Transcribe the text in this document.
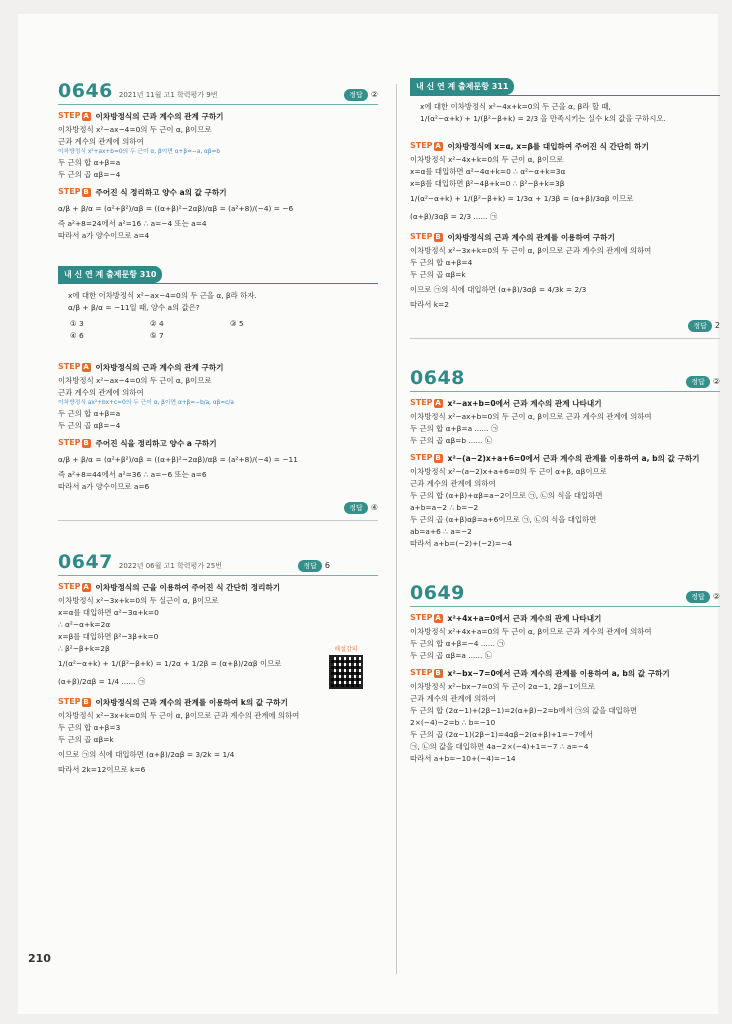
0646 2021년 11월 고1 학력평가 9번	정답 ②
STEP A 이차방정식의 근과 계수의 관계 구하기
이차방정식 x²−ax−4=0의 두 근이 α, β이므로
근과 계수의 관계에 의하여
이차방정식 x²+ax+b=0의 두 근이 α, β이면 α+β=−a, αβ=b
두 근의 합 α+β=a
두 근의 곱 αβ=−4
STEP B 주어진 식 정리하고 양수 a의 값 구하기
α/β + β/α = (α²+β²)/αβ = ((α+β)²−2αβ)/αβ = (a²+8)/(−4) = −6
즉 a²+8=24에서 a²=16 ∴ a=−4 또는 a=4
따라서 a가 양수이므로 a=4
내 신 연 계 출제문항 310
x에 대한 이차방정식 x²−ax−4=0의 두 근을 α, β라 하자.
α/β + β/α = −11일 때, 양수 a의 값은?
① 3	② 4	③ 5
④ 6	⑤ 7
STEP A 이차방정식의 근과 계수의 관계 구하기
이차방정식 x²−ax−4=0의 두 근이 α, β이므로
근과 계수의 관계에 의하여
이차방정식 ax²+bx+c=0의 두 근이 α, β이면 α+β=−b/a, αβ=c/a
두 근의 합 α+β=a
두 근의 곱 αβ=−4
STEP B 주어진 식을 정리하고 양수 a 구하기
α/β + β/α = (α²+β²)/αβ = ((α+β)²−2αβ)/αβ = (a²+8)/(−4) = −11
즉 a²+8=44에서 a²=36 ∴ a=−6 또는 a=6
따라서 a가 양수이므로 a=6
정답 ④
0647 2022년 06월 고1 학력평가 25번	정답 6
STEP A 이차방정식의 근을 이용하여 주어진 식 간단히 정리하기
이차방정식 x²−3x+k=0의 두 실근이 α, β이므로
x=α를 대입하면 α²−3α+k=0
∴ α²−α+k=2α
x=β를 대입하면 β²−3β+k=0
∴ β²−β+k=2β
1/(α²−α+k) + 1/(β²−β+k) = 1/2α + 1/2β = (α+β)/2αβ 이므로
(α+β)/2αβ = 1/4 ...... ㉠
STEP B 이차방정식의 근과 계수의 관계를 이용하여 k의 값 구하기
이차방정식 x²−3x+k=0의 두 근이 α, β이므로 근과 계수의 관계에 의하여
두 근의 합 α+β=3
두 근의 곱 αβ=k
이므로 ㉠의 식에 대입하면 (α+β)/2αβ = 3/2k = 1/4
따라서 2k=12이므로 k=6
해설강의
내 신 연 계 출제문항 311
x에 대한 이차방정식 x²−4x+k=0의 두 근을 α, β라 할 때,
1/(α²−α+k) + 1/(β²−β+k) = 2/3 을 만족시키는 실수 k의 값을 구하시오.
STEP A 이차방정식에 x=α, x=β를 대입하여 주어진 식 간단히 하기
이차방정식 x²−4x+k=0의 두 근이 α, β이므로
x=α를 대입하면 α²−4α+k=0 ∴ α²−α+k=3α
x=β를 대입하면 β²−4β+k=0 ∴ β²−β+k=3β
1/(α²−α+k) + 1/(β²−β+k) = 1/3α + 1/3β = (α+β)/3αβ 이므로
(α+β)/3αβ = 2/3 ...... ㉠
STEP B 이차방정식의 근과 계수의 관계를 이용하여 구하기
이차방정식 x²−3x+k=0의 두 근이 α, β이므로 근과 계수의 관계에 의하여
두 근의 합 α+β=4
두 근의 곱 αβ=k
이므로 ㉠의 식에 대입하면 (α+β)/3αβ = 4/3k = 2/3
따라서 k=2
정답 2
0648	정답 ②
STEP A x²−ax+b=0에서 근과 계수의 관계 나타내기
이차방정식 x²−ax+b=0의 두 근이 α, β이므로 근과 계수의 관계에 의하여
두 근의 합 α+β=a ...... ㉠
두 근의 곱 αβ=b ...... ㉡
STEP B x²−(a−2)x+a+6=0에서 근과 계수의 관계를 이용하여 a, b의 값 구하기
이차방정식 x²−(a−2)x+a+6=0의 두 근이 α+β, αβ이므로
근과 계수의 관계에 의하여
두 근의 합 (α+β)+αβ=a−2이므로 ㉠, ㉡의 식을 대입하면
a+b=a−2 ∴ b=−2
두 근의 곱 (α+β)αβ=a+6이므로 ㉠, ㉡의 식을 대입하면
ab=a+6 ∴ a=−2
따라서 a+b=(−2)+(−2)=−4
0649	정답 ②
STEP A x²+4x+a=0에서 근과 계수의 관계 나타내기
이차방정식 x²+4x+a=0의 두 근이 α, β이므로 근과 계수의 관계에 의하여
두 근의 합 α+β=−4 ...... ㉠
두 근의 곱 αβ=a ...... ㉡
STEP B x²−bx−7=0에서 근과 계수의 관계를 이용하여 a, b의 값 구하기
이차방정식 x²−bx−7=0의 두 근이 2α−1, 2β−1이므로
근과 계수의 관계에 의하여
두 근의 합 (2α−1)+(2β−1)=2(α+β)−2=b에서 ㉠의 값을 대입하면
2×(−4)−2=b ∴ b=−10
두 근의 곱 (2α−1)(2β−1)=4αβ−2(α+β)+1=−7에서
㉠, ㉡의 값을 대입하면 4a−2×(−4)+1=−7 ∴ a=−4
따라서 a+b=−10+(−4)=−14
210
